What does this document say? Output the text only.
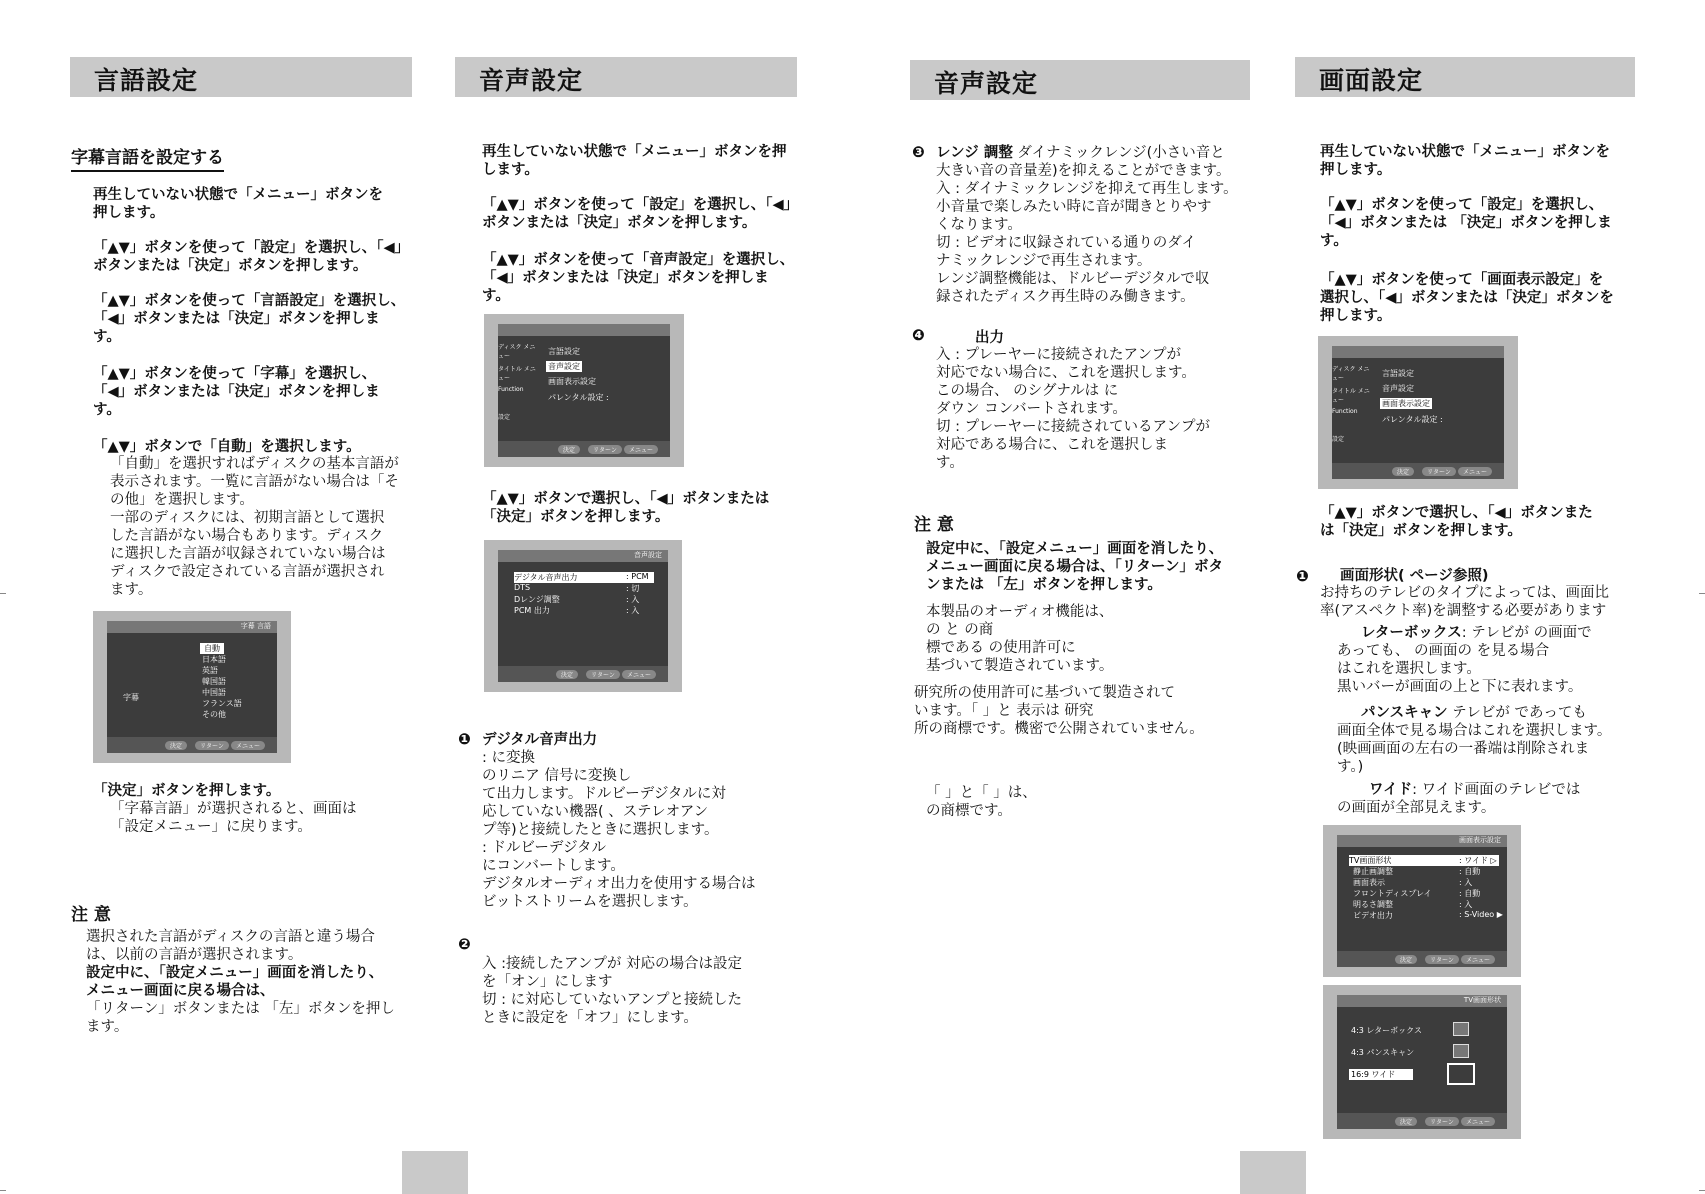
言語設定
字幕言語を設定する

再生していない状態で「メニュー」ボタンを
押します。

「▲▼」ボタンを使って「設定」を選択し、「◀」
ボタンまたは「決定」ボタンを押します。

「▲▼」ボタンを使って「言語設定」を選択し、
「◀」ボタンまたは「決定」ボタンを押しま
す。

「▲▼」ボタンを使って「字幕」を選択し、
「◀」ボタンまたは「決定」ボタンを押しま
す。

「▲▼」ボタンで「自動」を選択します。

「自動」を選択すればディスクの基本言語が
表示されます。一覧に言語がない場合は「そ
の他」を選択します。
一部のディスクには、初期言語として選択
した言語がない場合もあります。ディスク
に選択した言語が収録されていない場合は
ディスクで設定されている言語が選択され
ます。

字幕 言語
字幕
自動
日本語
英語
韓国語
中国語
フランス語
その他
決定	リターン	メニュー

「決定」ボタンを押します。

「字幕言語」が選択されると、画面は
「設定メニュー」に戻ります。

注 意

選択された言語がディスクの言語と違う場合
は、以前の言語が選択されます。

設定中に、「設定メニュー」画面を消したり、
メニュー画面に戻る場合は、

「リターン」ボタンまたは 「左」ボタンを押し
ます。

音声設定

再生していない状態で「メニュー」ボタンを押
します。

「▲▼」ボタンを使って「設定」を選択し、「◀」
ボタンまたは「決定」ボタンを押します。

「▲▼」ボタンを使って「音声設定」を選択し、
「◀」ボタンまたは「決定」ボタンを押しま
す。

ディスク メニュー
タイトル メニュー
Function
設定
言語設定
音声設定
画面表示設定
パレンタル設定 :
決定	リターン	メニュー

「▲▼」ボタンで選択し、「◀」ボタンまたは
「決定」ボタンを押します。

音声設定
デジタル音声出力	: PCM
DTS	: 切
Dレンジ調整	: 入
PCM 出力	: 入
決定	リターン	メニュー
❶ デジタル音声出力

: に変換
のリニア 信号に変換し
て出力します。ドルビーデジタルに対
応していない機器( 、ステレオアン
プ等)と接続したときに選択します。
: ドルビーデジタル
にコンバートします。
デジタルオーディオ出力を使用する場合は
ビットストリームを選択します。

❷

入 :接続したアンプが 対応の場合は設定
を「オン」にします
切 : に対応していないアンプと接続した
ときに設定を「オフ」にします。

音声設定
❸ レンジ 調整 ダイナミックレンジ(小さい音と
大きい音の音量差)を抑えることができます。
入 : ダイナミックレンジを抑えて再生します。
小音量で楽しみたい時に音が聞きとりやす
くなります。
切 : ビデオに収録されている通りのダイ
ナミックレンジで再生されます。
レンジ調整機能は、ドルビーデジタルで収
録されたディスク再生時のみ働きます。

❹	出力

入 : プレーヤーに接続されたアンプが
対応でない場合に、これを選択します。
この場合、 のシグナルは に
ダウン コンバートされます。
切 : プレーヤーに接続されているアンプが
対応である場合に、これを選択しま
す。

注 意

設定中に、「設定メニュー」画面を消したり、
メニュー画面に戻る場合は、「リターン」ボタ
ンまたは 「左」ボタンを押します。

本製品のオーディオ機能は、
の と の商
標である の使用許可に
基づいて製造されています。

研究所の使用許可に基づいて製造されて
います。「 」と 表示は 研究
所の商標です。機密で公開されていません。

「 」と「 」は、
の商標です。

画面設定

再生していない状態で「メニュー」ボタンを
押します。

「▲▼」ボタンを使って「設定」を選択し、
「◀」ボタンまたは 「決定」ボタンを押しま
す。

「▲▼」ボタンを使って「画面表示設定」を
選択し、「◀」ボタンまたは「決定」ボタンを
押します。

ディスク メニュー
タイトル メニュー
Function
設定
言語設定
音声設定
画面表示設定
パレンタル設定 :
決定	リターン	メニュー

「▲▼」ボタンで選択し、「◀」ボタンまた
は「決定」ボタンを押します。

❶ 画面形状( ページ参照)

お持ちのテレビのタイプによっては、画面比
率(アスペクト率)を調整する必要があります

レターボックス: テレビが の画面で
あっても、 の画面の を見る場合
はこれを選択します。
黒いバーが画面の上と下に表れます。

パンスキャン テレビが であっても
画面全体で見る場合はこれを選択します。
(映画画面の左右の一番端は削除されま
す。)

ワイド: ワイド画面のテレビでは
の画面が全部見えます。

画面表示設定
TV画面形状	: ワイド ▷
静止画調整	: 自動
画面表示	: 入
フロントディスプレイ	: 自動
明るさ調整	: 入
ビデオ出力	: S-Video ▶
決定	リターン	メニュー
TV画面形状
4:3 レターボックス
4:3 パンスキャン
16:9 ワイド
決定	リターン	メニュー
